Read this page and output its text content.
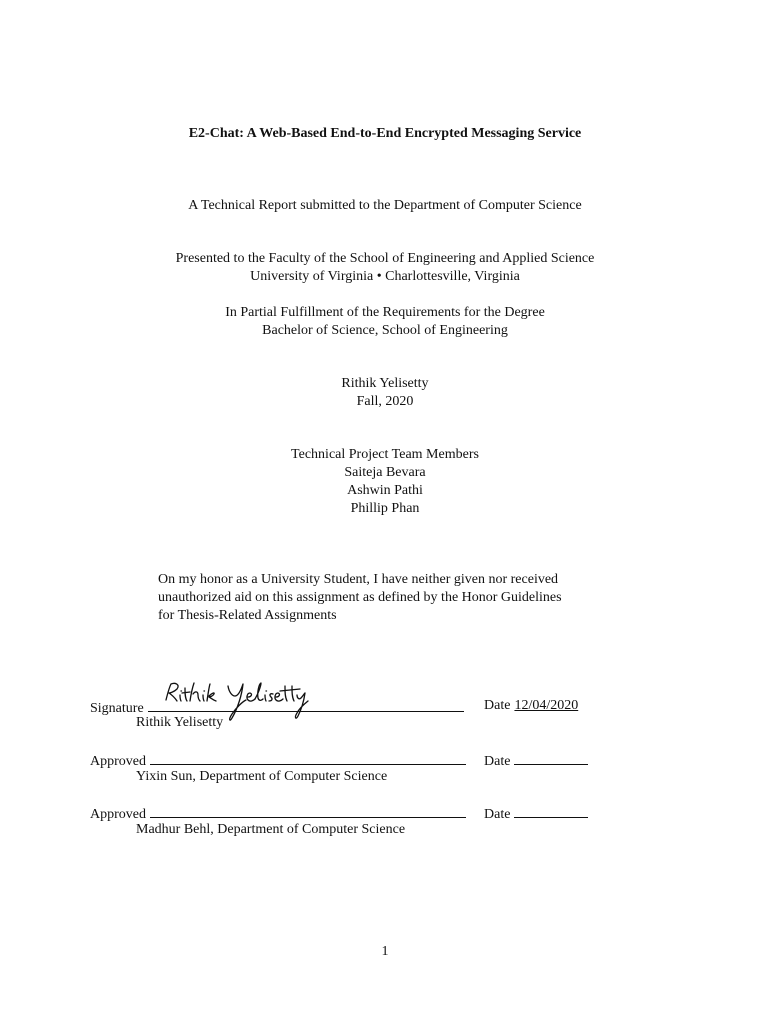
E2-Chat: A Web-Based End-to-End Encrypted Messaging Service
A Technical Report submitted to the Department of Computer Science
Presented to the Faculty of the School of Engineering and Applied Science
University of Virginia • Charlottesville, Virginia
In Partial Fulfillment of the Requirements for the Degree
Bachelor of Science, School of Engineering
Rithik Yelisetty
Fall, 2020
Technical Project Team Members
Saiteja Bevara
Ashwin Pathi
Phillip Phan
On my honor as a University Student, I have neither given nor received
unauthorized aid on this assignment as defined by the Honor Guidelines
for Thesis-Related Assignments
Signature	Date 12/04/2020
Rithik Yelisetty
Approved	Date
Yixin Sun, Department of Computer Science
Approved	Date
Madhur Behl, Department of Computer Science
1
